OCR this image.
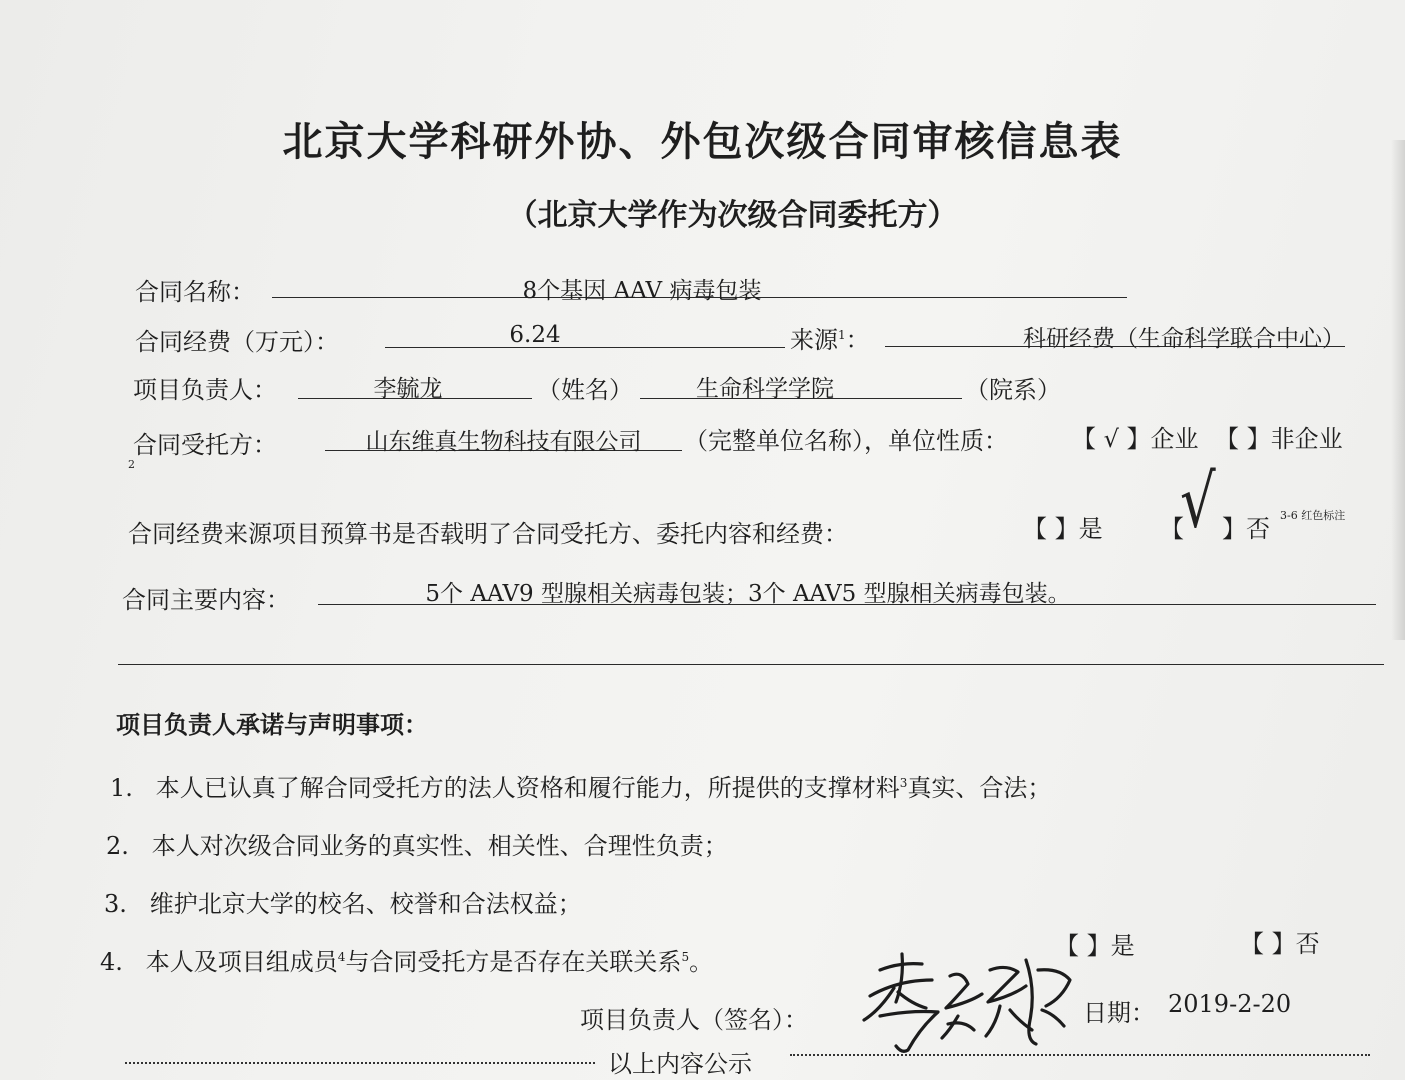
北京大学科研外协、外包次级合同审核信息表
（北京大学作为次级合同委托方）
合同名称：	8个基因 AAV 病毒包装
合同经费（万元）：	6.24	来源$^1$：	科研经费（生命科学联合中心）
项目负责人：	李毓龙	（姓名）	生命科学学院	（院系）
合同受托方：	山东维真生物科技有限公司	（完整单位名称），单位性质：	【 √ 】企业 【 】非企业
2
合同经费来源项目预算书是否载明了合同受托方、委托内容和经费：	【 】是 【
√ 】否 3-6 红色标注
合同主要内容：	5个 AAV9 型腺相关病毒包装；3个 AAV5 型腺相关病毒包装。
项目负责人承诺与声明事项：
1. 本人已认真了解合同受托方的法人资格和履行能力，所提供的支撑材料$^3$真实、合法；
2. 本人对次级合同业务的真实性、相关性、合理性负责；
3. 维护北京大学的校名、校誉和合法权益；
4. 本人及项目组成员$^4$与合同受托方是否存在关联关系$^5$。
【 】是	【 】否
项目负责人（签名）：	日期： 2019-2-20
以上内容公示
